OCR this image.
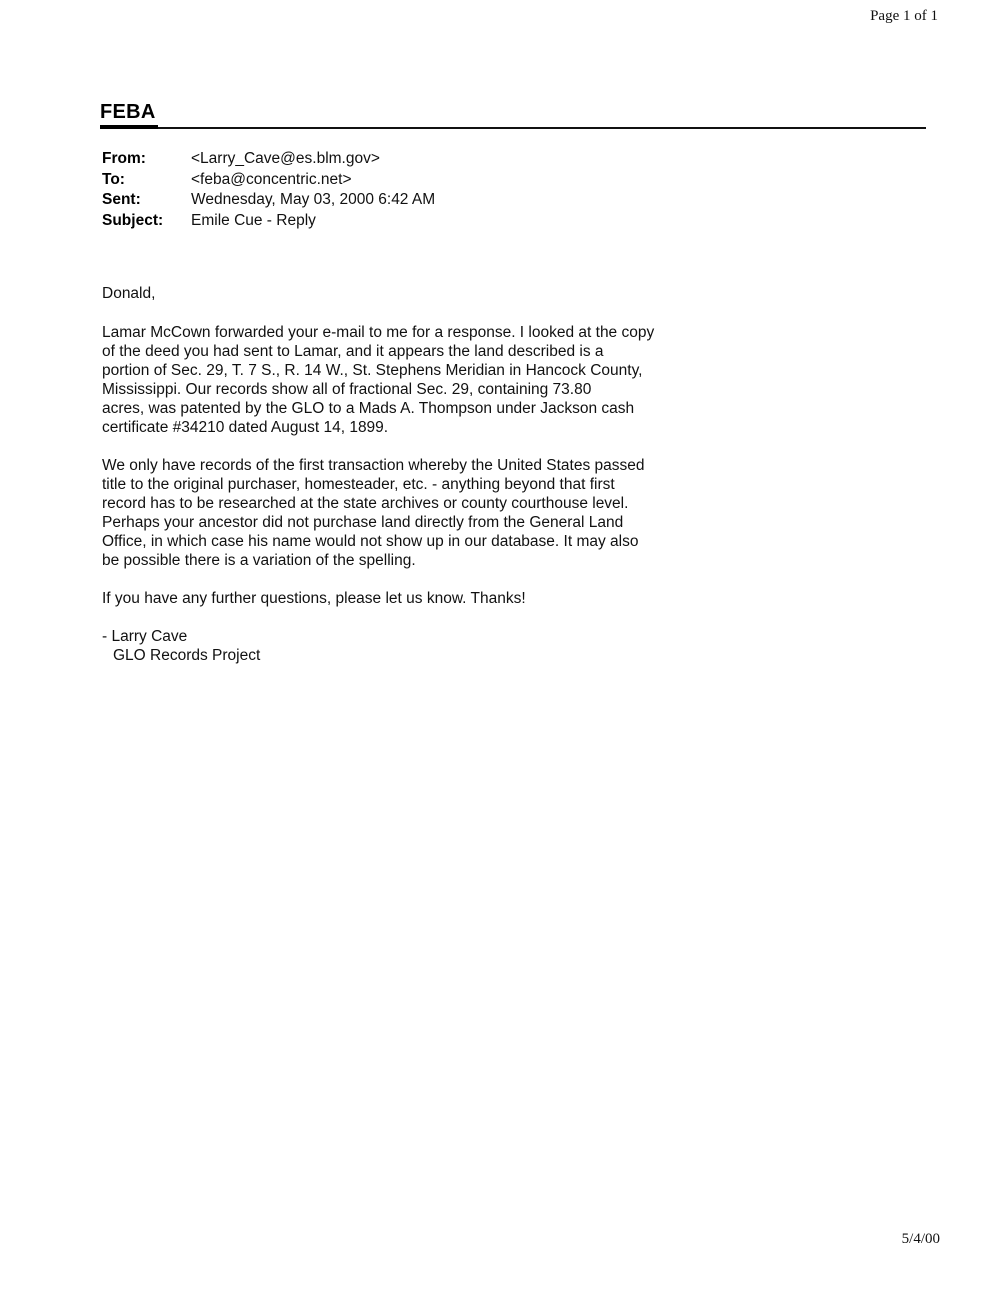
Page 1 of 1
FEBA
From:	<Larry_Cave@es.blm.gov>
To:	<feba@concentric.net>
Sent:	Wednesday, May 03, 2000 6:42 AM
Subject:	Emile Cue - Reply

Donald,

Lamar McCown forwarded your e-mail to me for a response. I looked at the copy
of the deed you had sent to Lamar, and it appears the land described is a
portion of Sec. 29, T. 7 S., R. 14 W., St. Stephens Meridian in Hancock County,
Mississippi. Our records show all of fractional Sec. 29, containing 73.80
acres, was patented by the GLO to a Mads A. Thompson under Jackson cash
certificate #34210 dated August 14, 1899.

We only have records of the first transaction whereby the United States passed
title to the original purchaser, homesteader, etc. - anything beyond that first
record has to be researched at the state archives or county courthouse level.
Perhaps your ancestor did not purchase land directly from the General Land
Office, in which case his name would not show up in our database. It may also
be possible there is a variation of the spelling.

If you have any further questions, please let us know. Thanks!

- Larry Cave
GLO Records Project

5/4/00
